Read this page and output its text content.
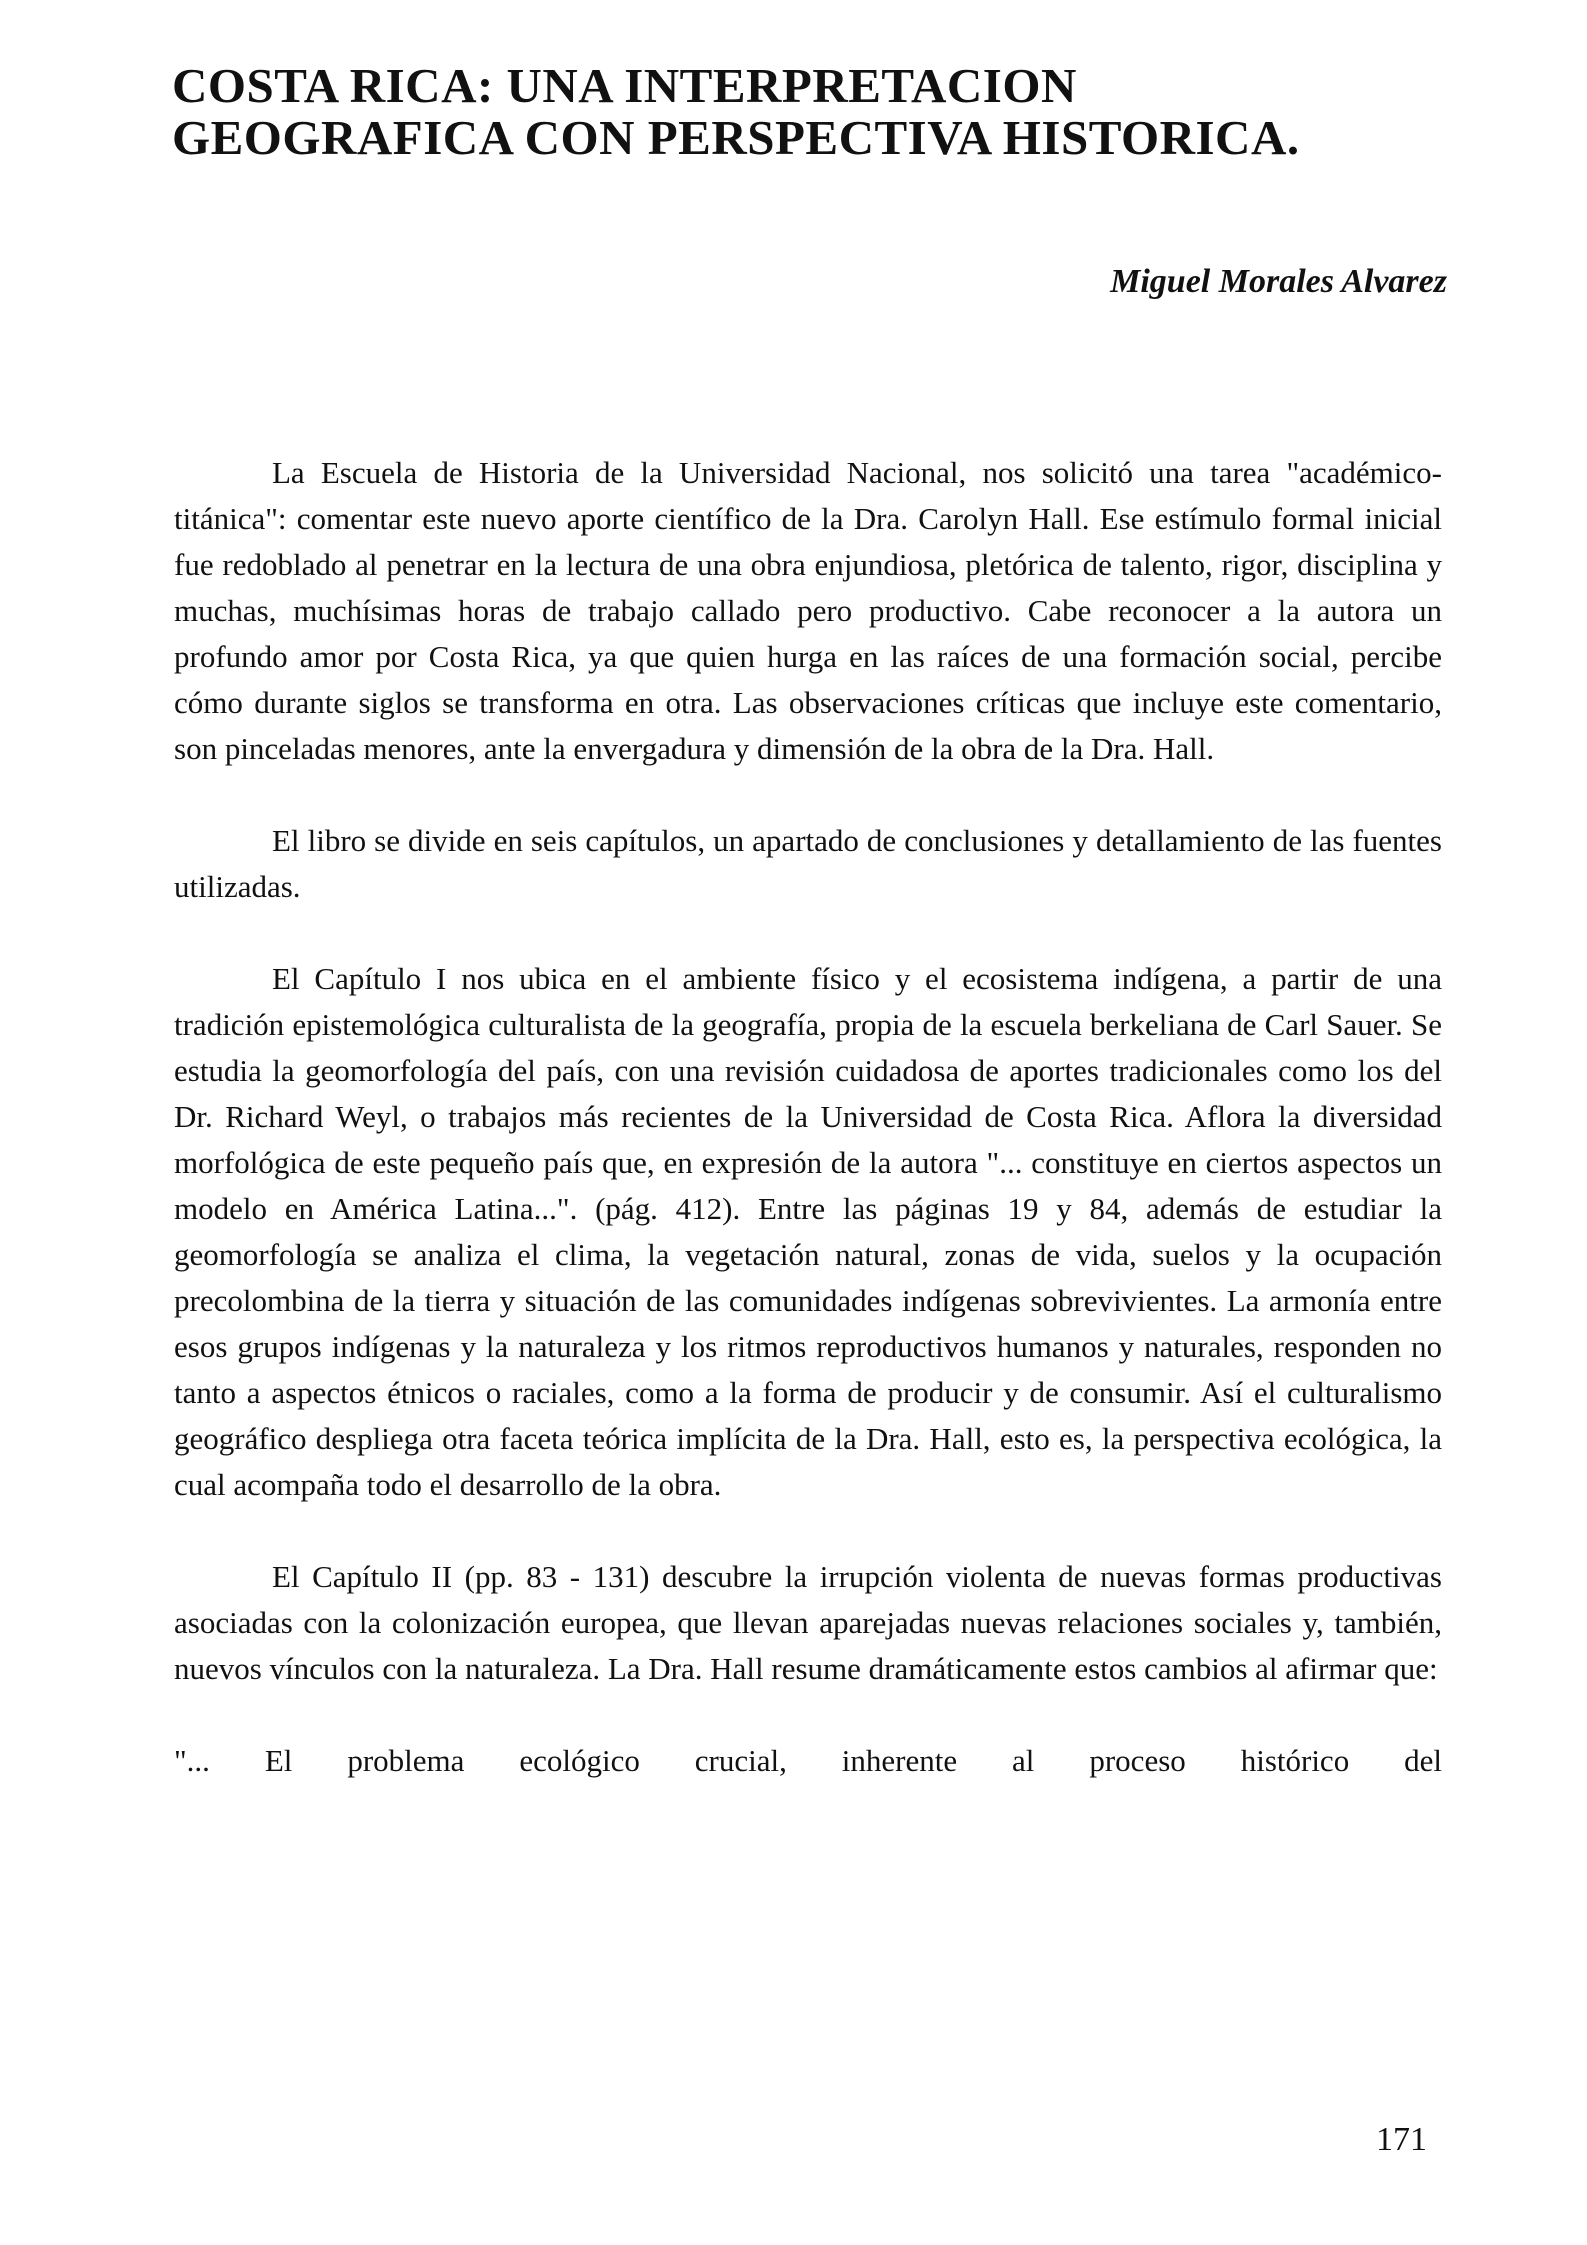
COSTA RICA: UNA INTERPRETACION
GEOGRAFICA CON PERSPECTIVA HISTORICA.
Miguel Morales Alvarez

La Escuela de Historia de la Universidad Nacional, nos solicitó una tarea "académico-titánica": comentar este nuevo aporte científico de la Dra. Carolyn Hall. Ese estímulo formal inicial fue redoblado al penetrar en la lectura de una obra enjundiosa, pletórica de talento, rigor, disciplina y muchas, muchísimas horas de trabajo callado pero productivo. Cabe reconocer a la autora un profundo amor por Costa Rica, ya que quien hurga en las raíces de una formación social, percibe cómo durante siglos se transforma en otra. Las observaciones críticas que incluye este comentario, son pinceladas menores, ante la envergadura y dimensión de la obra de la Dra. Hall.

El libro se divide en seis capítulos, un apartado de conclusiones y detallamiento de las fuentes utilizadas.

El Capítulo I nos ubica en el ambiente físico y el ecosistema indígena, a partir de una tradición epistemológica culturalista de la geografía, propia de la escuela berkeliana de Carl Sauer. Se estudia la geomorfología del país, con una revisión cuidadosa de aportes tradicionales como los del Dr. Richard Weyl, o trabajos más recientes de la Universidad de Costa Rica. Aflora la diversidad morfológica de este pequeño país que, en expresión de la autora "... constituye en ciertos aspectos un modelo en América Latina...". (pág. 412). Entre las páginas 19 y 84, además de estudiar la geomorfología se analiza el clima, la vegetación natural, zonas de vida, suelos y la ocupación precolombina de la tierra y situación de las comunidades indígenas sobrevivientes. La armonía entre esos grupos indígenas y la naturaleza y los ritmos reproductivos humanos y naturales, responden no tanto a aspectos étnicos o raciales, como a la forma de producir y de consumir. Así el culturalismo geográfico despliega otra faceta teórica implícita de la Dra. Hall, esto es, la perspectiva ecológica, la cual acompaña todo el desarrollo de la obra.

El Capítulo II (pp. 83 - 131) descubre la irrupción violenta de nuevas formas productivas asociadas con la colonización europea, que llevan aparejadas nuevas relaciones sociales y, también, nuevos vínculos con la naturaleza. La Dra. Hall resume dramáticamente estos cambios al afirmar que:

"... El problema ecológico crucial, inherente al proceso histórico del

171
